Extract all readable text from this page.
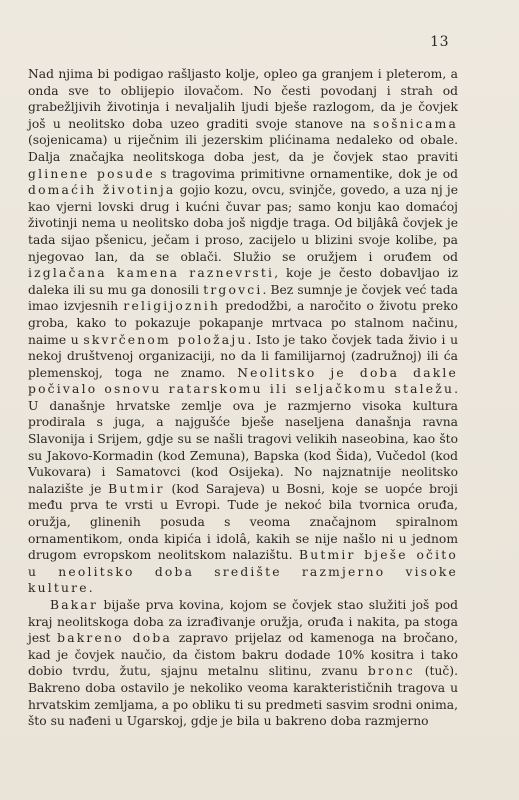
13

Nad njima bi podigao rašljasto kolje, opleo ga granjem i pleterom, a onda sve to oblijepio ilovačom. No česti povodanj i strah od grabežljivih životinja i nevaljalih ljudi bješe razlogom, da je čovjek još u neolitsko doba uzeo graditi svoje stanove na sošnicama (sojenicama) u riječnim ili jezerskim plićinama nedaleko od obale. Dalja značajka neolitskoga doba jest, da je čovjek stao praviti glinene posude s tragovima primitivne ornamentike, dok je od domaćih životinja gojio kozu, ovcu, svinjče, govedo, a uza nj je kao vjerni lovski drug i kućni čuvar pas; samo konju kao domaćoj životinji nema u neolitsko doba još nigdje traga. Od biljâkâ čovjek je tada sijao pšenicu, ječam i proso, zacijelo u blizini svoje kolibe, pa njegovao lan, da se oblači. Služio se oružjem i oruđem od izglačana kamena raznevrsti, koje je često dobavljao iz daleka ili su mu ga donosili trgovci. Bez sumnje je čovjek već tada imao izvjesnih religijoznih predodžbi, a naročito o životu preko groba, kako to pokazuje pokapanje mrtvaca po stalnom načinu, naime u skvrčenom položaju. Isto je tako čovjek tada živio i u nekoj društvenoj organizaciji, no da li familijarnoj (zadružnoj) ili ća plemenskoj, toga ne znamo. Neolitsko je doba dakle počivalo osnovu ratarskomu ili seljačkomu staležu. U današnje hrvatske zemlje ova je razmjerno visoka kultura prodirala s juga, a najgušće bješe naseljena današnja ravna Slavonija i Srijem, gdje su se našli tragovi velikih naseobina, kao što su Jakovo-Kormadin (kod Zemuna), Bapska (kod Šida), Vučedol (kod Vukovara) i Samatovci (kod Osijeka). No najznatnije neolitsko nalazište je Butmir (kod Sarajeva) u Bosni, koje se uopće broji među prva te vrsti u Evropi. Tude je nekoć bila tvornica oruđa, oružja, glinenih posuda s veoma značajnom spiralnom ornamentikom, onda kipića i idolâ, kakih se nije našlo ni u jednom drugom evropskom neolitskom nalazištu. Butmir bješe očito u neolitsko doba središte razmjerno visoke kulture.

Bakar bijaše prva kovina, kojom se čovjek stao služiti još pod kraj neolitskoga doba za izrađivanje oružja, oruđa i nakita, pa stoga jest bakreno doba zapravo prijelaz od kamenoga na bročano, kad je čovjek naučio, da čistom bakru dodade 10% kositra i tako dobio tvrdu, žutu, sjajnu metalnu slitinu, zvanu bronc (tuč). Bakreno doba ostavilo je nekoliko veoma karakterističnih tragova u hrvatskim zemljama, a po obliku ti su predmeti sasvim srodni onima, što su nađeni u Ugarskoj, gdje je bila u bakreno doba razmjerno
